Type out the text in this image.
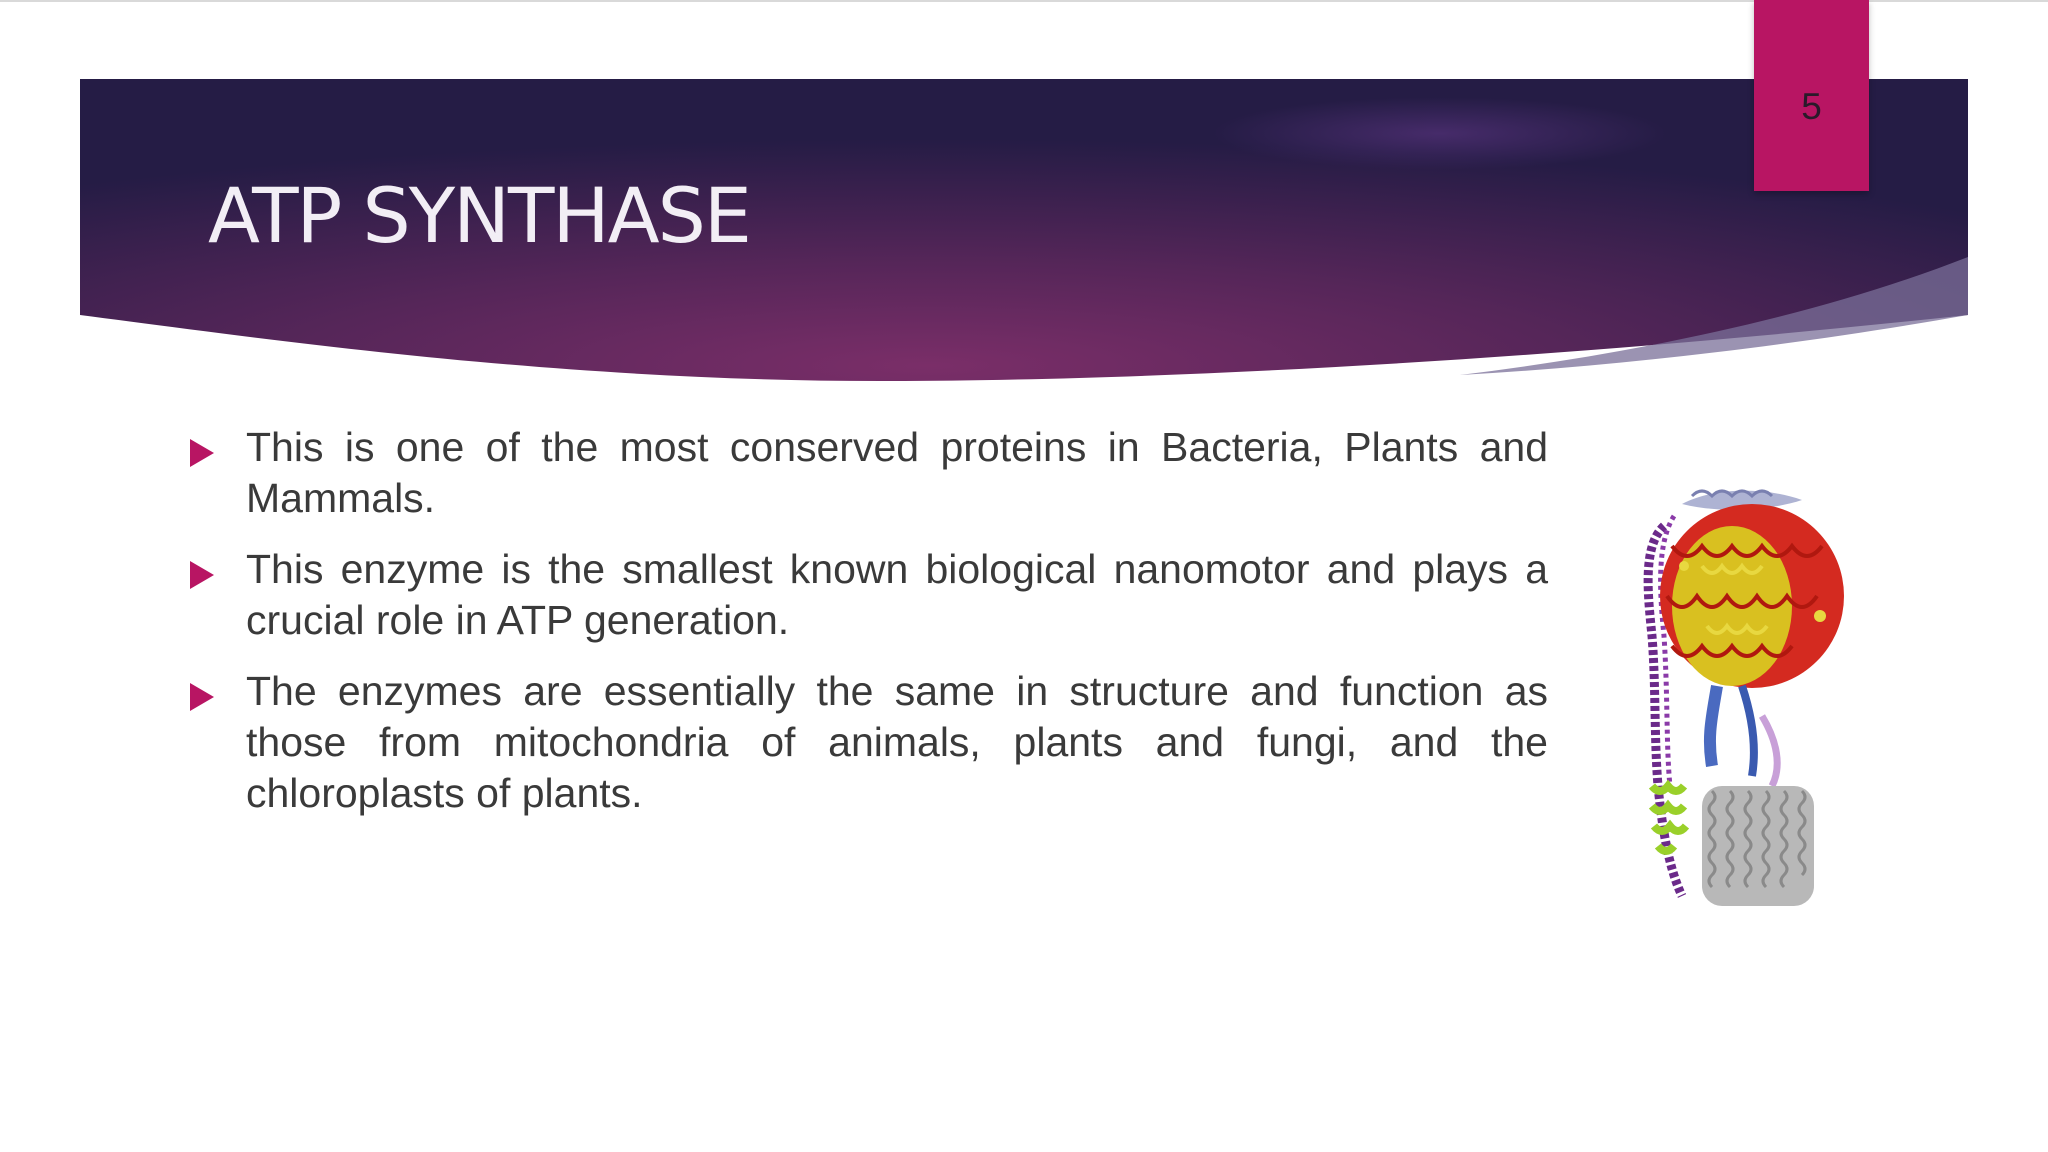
ATP SYNTHASE
5
This is one of the most conserved proteins in Bacteria, Plants and Mammals.
This enzyme is the smallest known biological nanomotor and plays a crucial role in ATP generation.
The enzymes are essentially the same in structure and function as those from mitochondria of animals, plants and fungi, and the chloroplasts of plants.
